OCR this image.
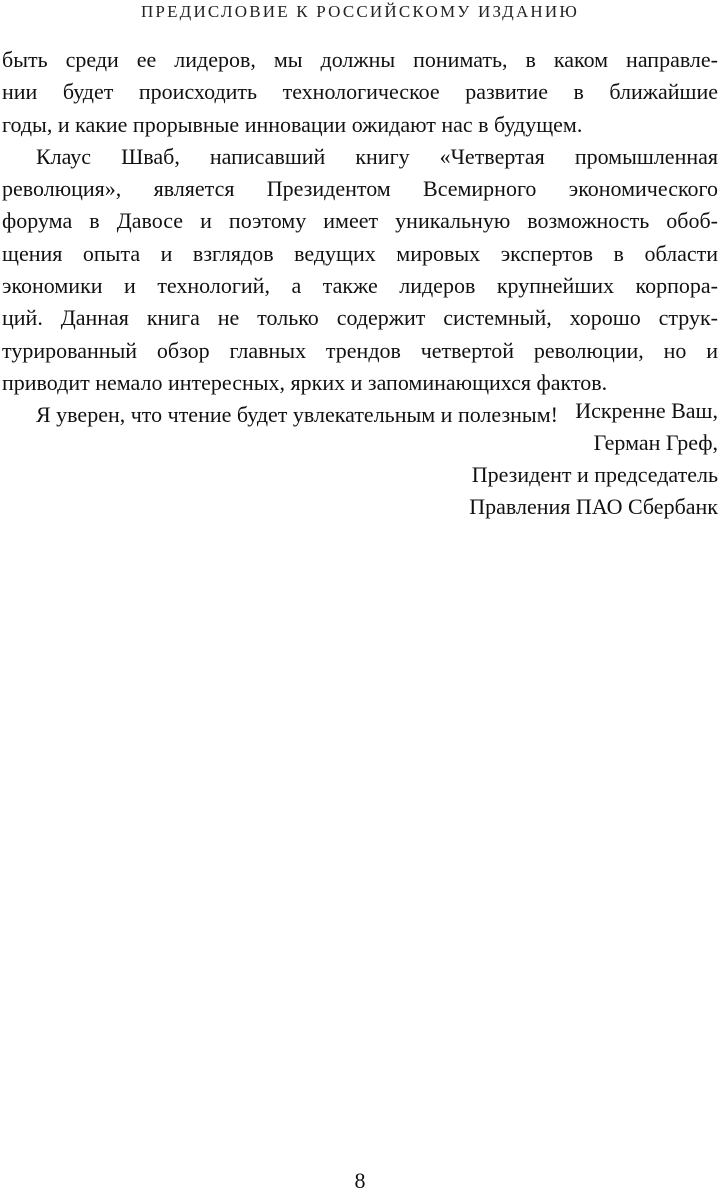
ПРЕДИСЛОВИЕ К РОССИЙСКОМУ ИЗДАНИЮ
быть среди ее лидеров, мы должны понимать, в каком направле-
нии будет происходить технологическое развитие в ближайшие
годы, и какие прорывные инновации ожидают нас в будущем.
Клаус Шваб, написавший книгу «Четвертая промышленная
революция», является Президентом Всемирного экономического
форума в Давосе и поэтому имеет уникальную возможность обоб-
щения опыта и взглядов ведущих мировых экспертов в области
экономики и технологий, а также лидеров крупнейших корпора-
ций. Данная книга не только содержит системный, хорошо струк-
турированный обзор главных трендов четвертой революции, но и
приводит немало интересных, ярких и запоминающихся фактов.
Я уверен, что чтение будет увлекательным и полезным! Искренне Ваш,
Герман Греф,
Президент и председатель
Правления ПАО Сбербанк
8
